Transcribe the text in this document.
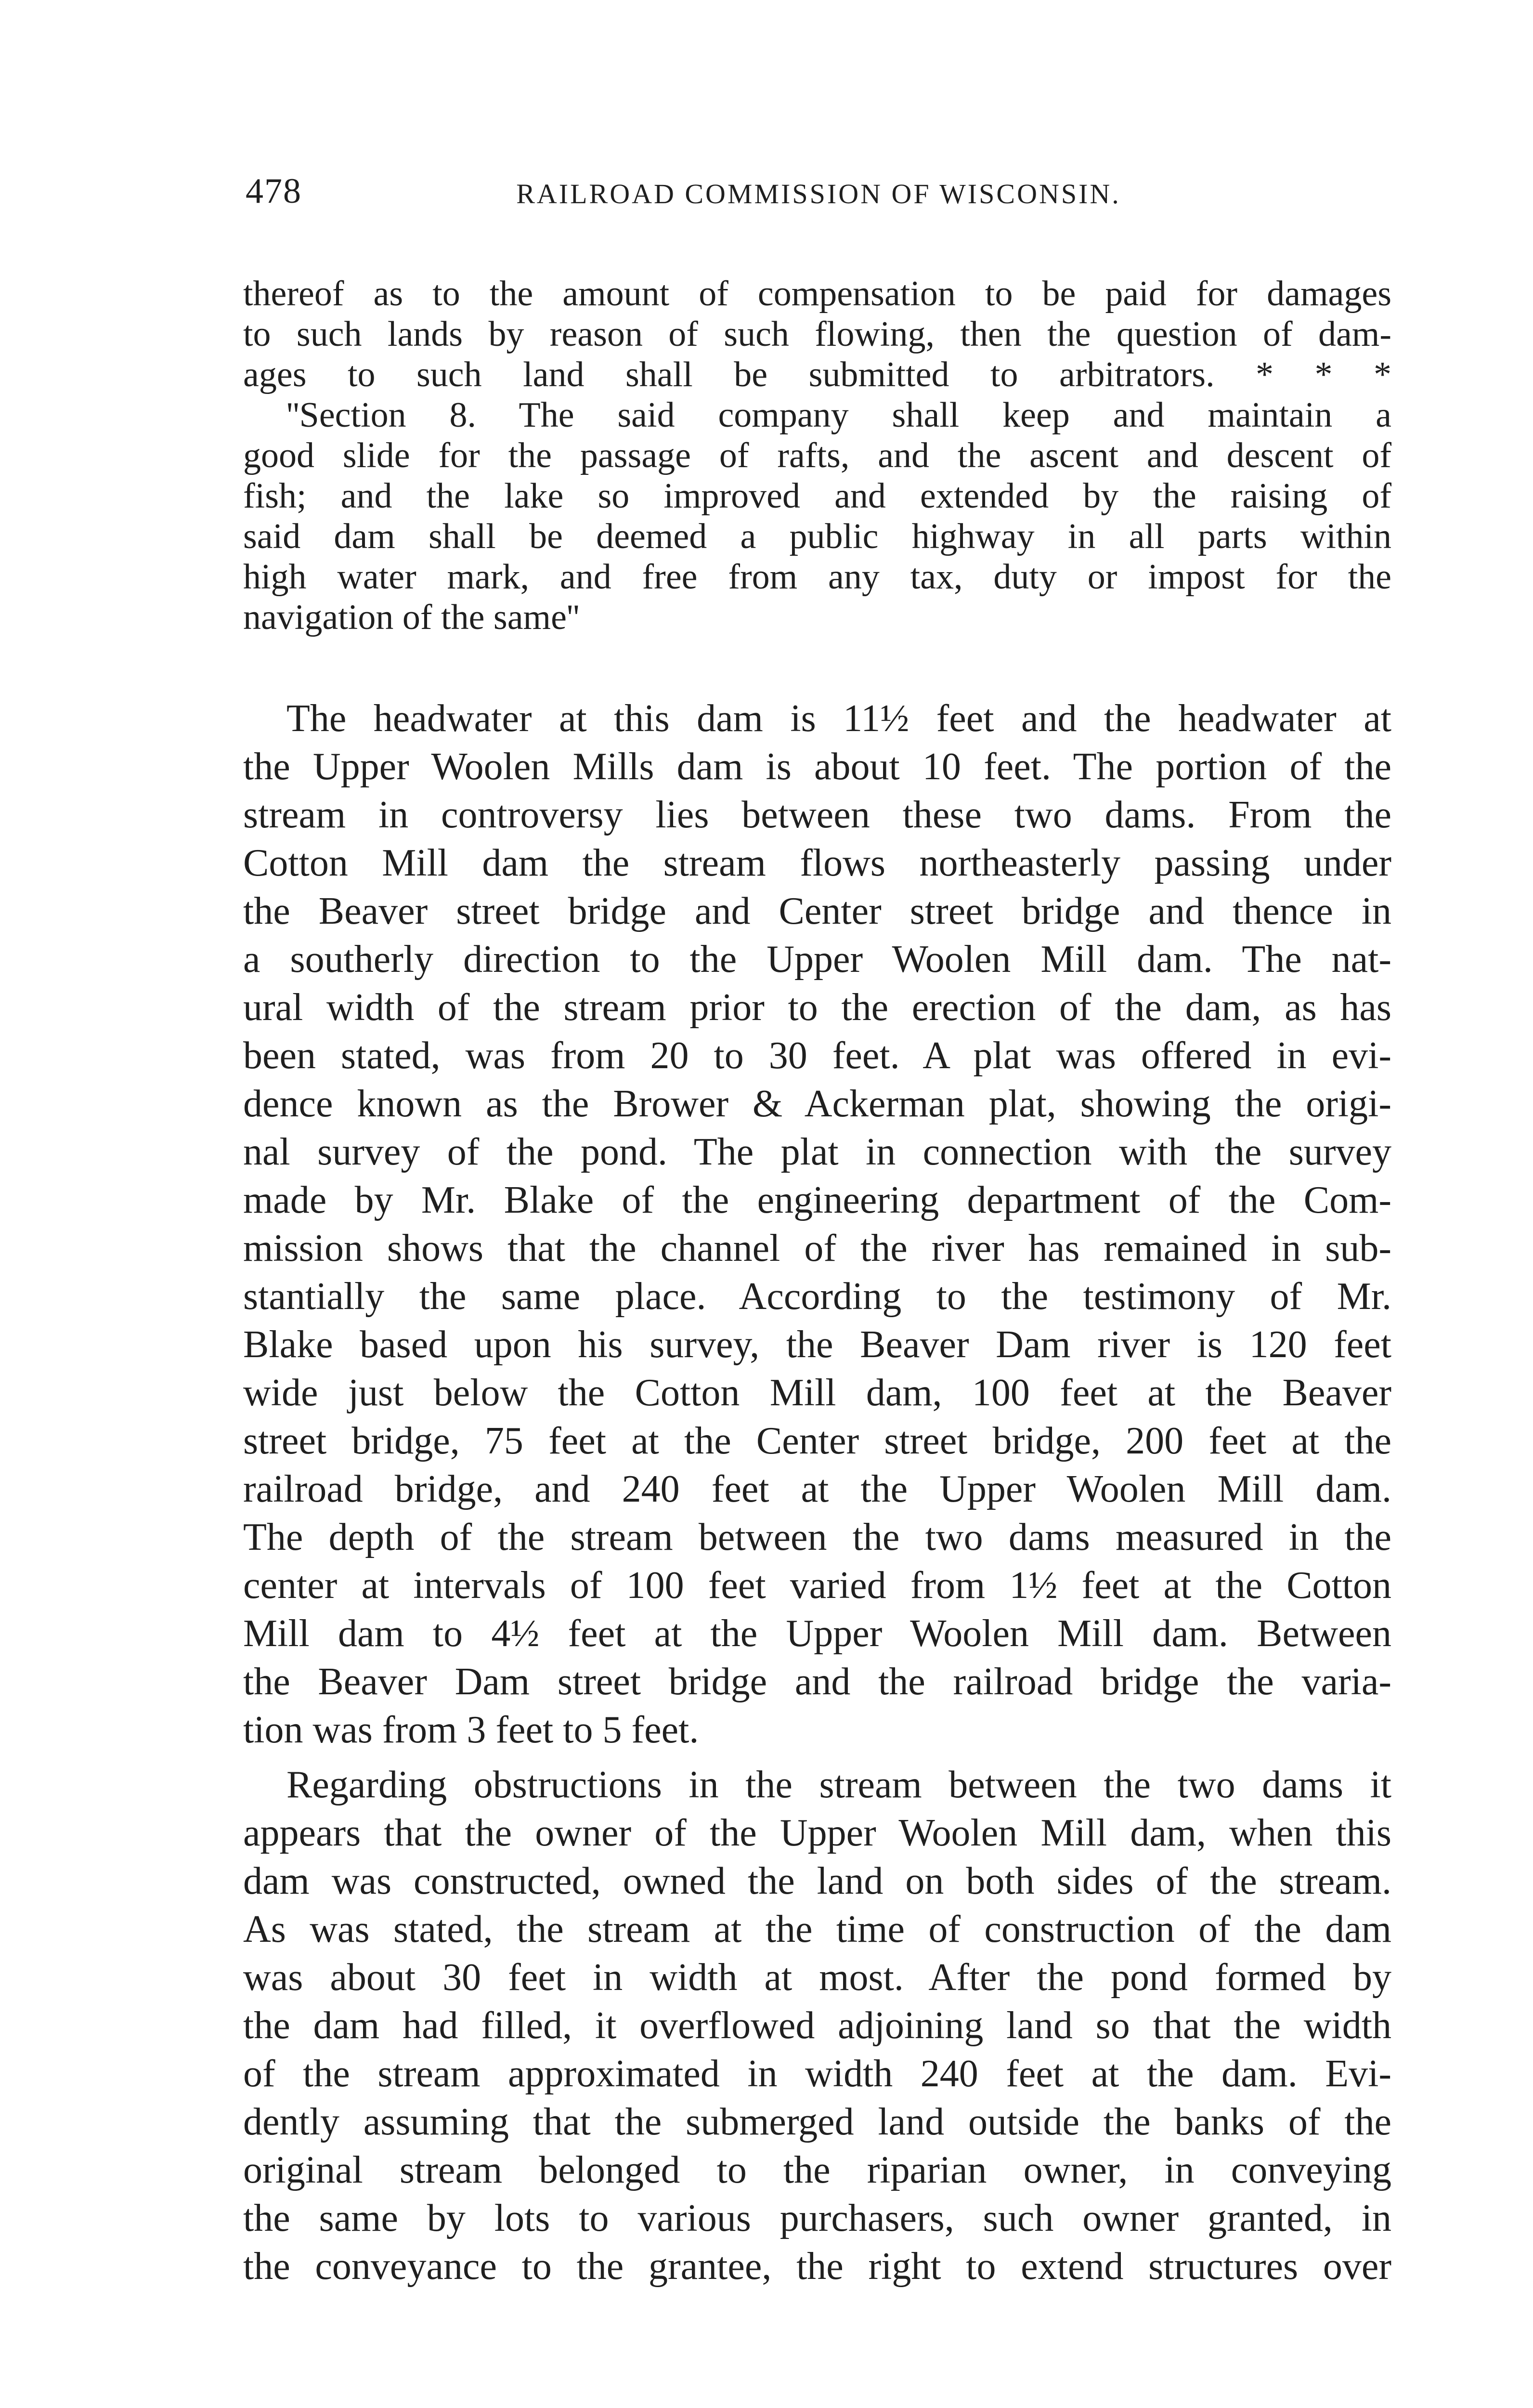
478	RAILROAD COMMISSION OF WISCONSIN.
thereof as to the amount of compensation to be paid for damages
to such lands by reason of such flowing, then the question of dam-
ages to such land shall be submitted to arbitrators. * * *
''Section 8. The said company shall keep and maintain a
good slide for the passage of rafts, and the ascent and descent of
fish; and the lake so improved and extended by the raising of
said dam shall be deemed a public highway in all parts within
high water mark, and free from any tax, duty or impost for the
navigation of the same''
The headwater at this dam is 11½ feet and the headwater at
the Upper Woolen Mills dam is about 10 feet. The portion of the
stream in controversy lies between these two dams. From the
Cotton Mill dam the stream flows northeasterly passing under
the Beaver street bridge and Center street bridge and thence in
a southerly direction to the Upper Woolen Mill dam. The nat-
ural width of the stream prior to the erection of the dam, as has
been stated, was from 20 to 30 feet. A plat was offered in evi-
dence known as the Brower & Ackerman plat, showing the origi-
nal survey of the pond. The plat in connection with the survey
made by Mr. Blake of the engineering department of the Com-
mission shows that the channel of the river has remained in sub-
stantially the same place. According to the testimony of Mr.
Blake based upon his survey, the Beaver Dam river is 120 feet
wide just below the Cotton Mill dam, 100 feet at the Beaver
street bridge, 75 feet at the Center street bridge, 200 feet at the
railroad bridge, and 240 feet at the Upper Woolen Mill dam.
The depth of the stream between the two dams measured in the
center at intervals of 100 feet varied from 1½ feet at the Cotton
Mill dam to 4½ feet at the Upper Woolen Mill dam. Between
the Beaver Dam street bridge and the railroad bridge the varia-
tion was from 3 feet to 5 feet.
Regarding obstructions in the stream between the two dams it
appears that the owner of the Upper Woolen Mill dam, when this
dam was constructed, owned the land on both sides of the stream.
As was stated, the stream at the time of construction of the dam
was about 30 feet in width at most. After the pond formed by
the dam had filled, it overflowed adjoining land so that the width
of the stream approximated in width 240 feet at the dam. Evi-
dently assuming that the submerged land outside the banks of the
original stream belonged to the riparian owner, in conveying
the same by lots to various purchasers, such owner granted, in
the conveyance to the grantee, the right to extend structures over
